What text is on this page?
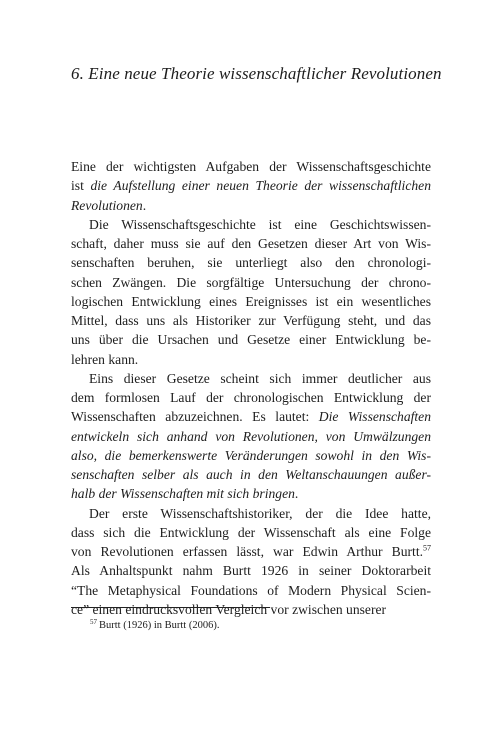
6. Eine neue Theorie wissenschaftlicher Revolutionen
Eine der wichtigsten Aufgaben der Wissenschaftsgeschichte
ist die Aufstellung einer neuen Theorie der wissenschaftlichen
Revolutionen.
Die Wissenschaftsgeschichte ist eine Geschichtswissen-
schaft, daher muss sie auf den Gesetzen dieser Art von Wis-
senschaften beruhen, sie unterliegt also den chronologi-
schen Zwängen. Die sorgfältige Untersuchung der chrono-
logischen Entwicklung eines Ereignisses ist ein wesentliches
Mittel, dass uns als Historiker zur Verfügung steht, und das
uns über die Ursachen und Gesetze einer Entwicklung be-
lehren kann.
Eins dieser Gesetze scheint sich immer deutlicher aus
dem formlosen Lauf der chronologischen Entwicklung der
Wissenschaften abzuzeichnen. Es lautet: Die Wissenschaften
entwickeln sich anhand von Revolutionen, von Umwälzungen
also, die bemerkenswerte Veränderungen sowohl in den Wis-
senschaften selber als auch in den Weltanschauungen außer-
halb der Wissenschaften mit sich bringen.
Der erste Wissenschaftshistoriker, der die Idee hatte,
dass sich die Entwicklung der Wissenschaft als eine Folge
von Revolutionen erfassen lässt, war Edwin Arthur Burtt.$^{57}$
Als Anhaltspunkt nahm Burtt 1926 in seiner Doktorarbeit
“The Metaphysical Foundations of Modern Physical Scien-
ce” einen eindrucksvollen Vergleich vor zwischen unserer
$^{57}$ Burtt (1926) in Burtt (2006).
